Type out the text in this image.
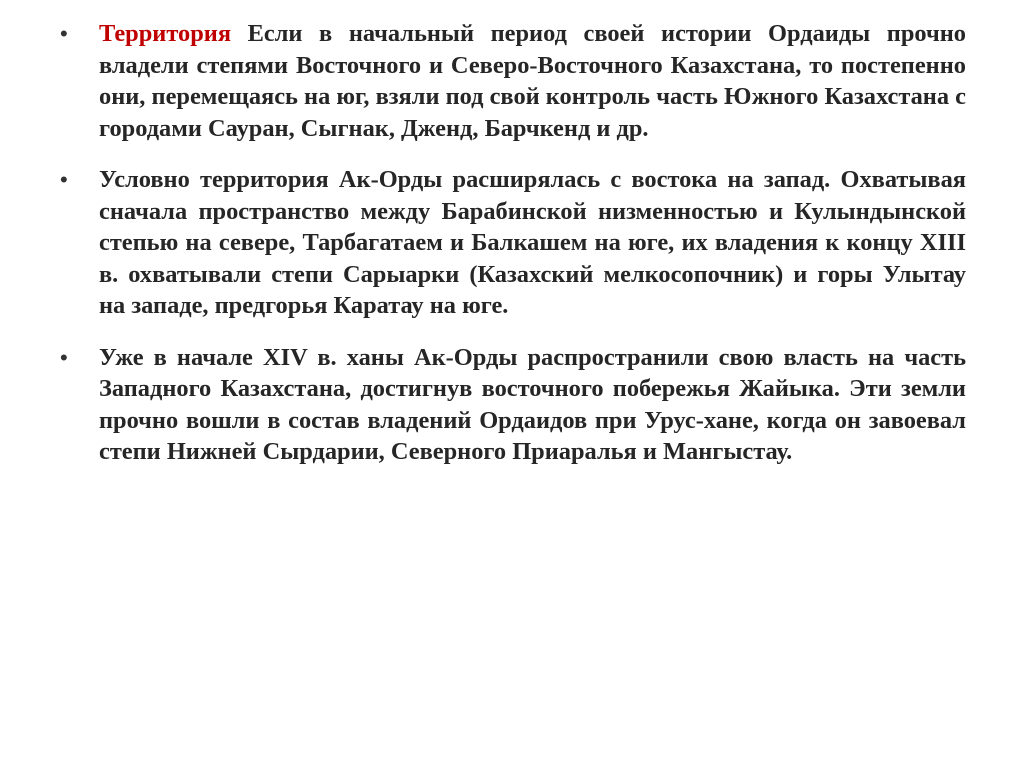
• Территория Если в начальный период своей истории Ордаиды прочно владели степями Восточного и Северо-Восточного Казахстана, то постепенно они, перемещаясь на юг, взяли под свой контроль часть Южного Казахстана с городами Сауран, Сыгнак, Дженд, Барчкенд и др.
• Условно территория Ак-Орды расширялась с востока на запад. Охватывая сначала пространство между Барабинской низменностью и Кулындынской степью на севере, Тарбагатаем и Балкашем на юге, их владения к концу XIII в. охватывали степи Сарыарки (Казахский мелкосопочник) и горы Улытау на западе, предгорья Каратау на юге.
• Уже в начале XIV в. ханы Ак-Орды распространили свою власть на часть Западного Казахстана, достигнув восточного побережья Жайыка. Эти земли прочно вошли в состав владений Ордаидов при Урус-хане, когда он завоевал степи Нижней Сырдарии, Северного Приаралья и Мангыстау.
